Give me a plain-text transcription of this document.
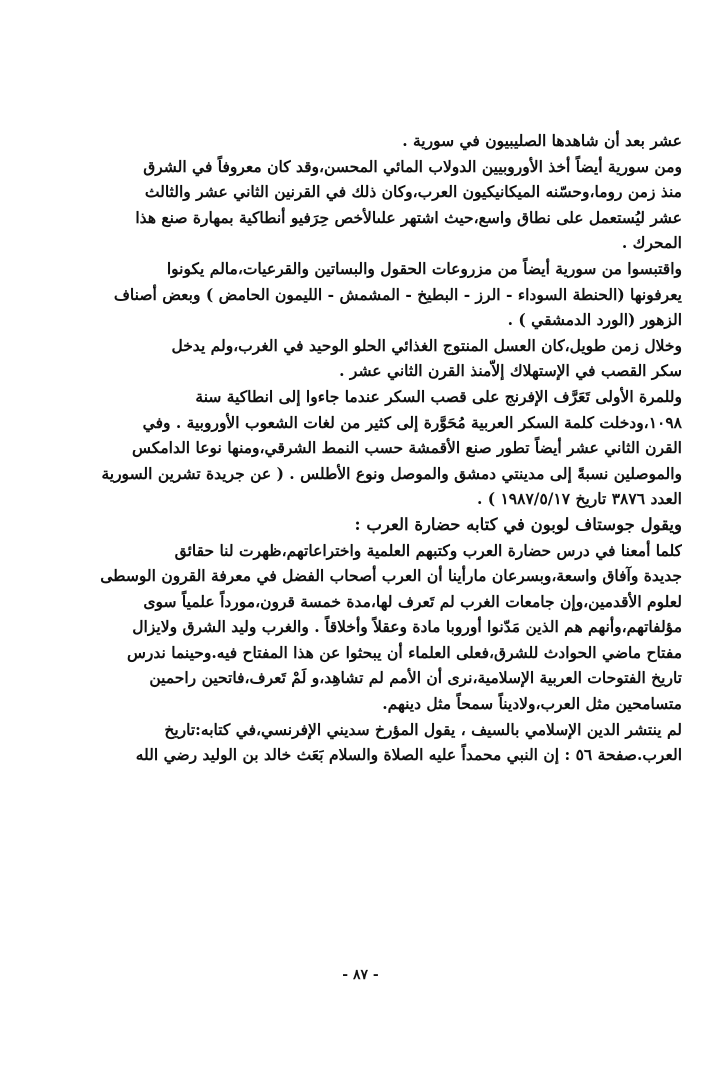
عشر بعد أن شاهدها الصليبيون في سورية .
ومن سورية أيضاً أخذ الأوروبيين الدولاب المائي المحسن،وقد كان معروفاً في الشرق
منذ زمن روما،وحسّنه الميكانيكيون العرب،وكان ذلك في القرنين الثاني عشر والثالث
عشر ليُستعمل على نطاق واسع،حيث اشتهر علىالأخص حِرَفيو أنطاكية بمهارة صنع هذا
المحرك .
واقتبسوا من سورية أيضاً من مزروعات الحقول والبساتين والقرعيات،مالم يكونوا
يعرفونها (الحنطة السوداء - الرز - البطيخ - المشمش - الليمون الحامض ) وبعض أصناف
الزهور (الورد الدمشقي ) .
وخلال زمن طويل،كان العسل المنتوج الغذائي الحلو الوحيد في الغرب،ولم يدخل
سكر القصب في الإستهلاك إلاّمنذ القرن الثاني عشر .
وللمرة الأولى تَعَرَّف الإفرنج على قصب السكر عندما جاءوا إلى انطاكية سنة
١٠٩٨،ودخلت كلمة السكر العربية مُحَوَّرة إلى كثير من لغات الشعوب الأوروبية . وفي
القرن الثاني عشر أيضاً تطور صنع الأقمشة حسب النمط الشرقي،ومنها نوعا الدامكس
والموصلين نسبةً إلى مدينتي دمشق والموصل ونوع الأطلس . ( عن جريدة تشرين السورية
العدد ٣٨٧٦ تاريخ ١٩٨٧/٥/١٧ ) .
ويقول جوستاف لوبون في كتابه حضارة العرب :
كلما أمعنا في درس حضارة العرب وكتبهم العلمية واختراعاتهم،ظهرت لنا حقائق
جديدة وآفاق واسعة،وبسرعان مارأينا أن العرب أصحاب الفضل في معرفة القرون الوسطى
لعلوم الأقدمين،وإن جامعات الغرب لم تَعرف لها،مدة خمسة قرون،مورداً علمياً سوى
مؤلفاتهم،وأنهم هم الذين مَدّنوا أوروبا مادة وعقلاً وأخلاقاً . والغرب وليد الشرق ولايزال
مفتاح ماضي الحوادث للشرق،فعلى العلماء أن يبحثوا عن هذا المفتاح فيه.وحينما ندرس
تاريخ الفتوحات العربية الإسلامية،نرى أن الأمم لم تشاهِد،و لَمْ تَعرف،فاتحين راحمين
متسامحين مثل العرب،ولاديناً سمحاً مثل دينهم.
لم ينتشر الدين الإسلامي بالسيف ، يقول المؤرخ سديني الإفرنسي،في كتابه:تاريخ
العرب.صفحة ٥٦ : إن النبي محمداً عليه الصلاة والسلام بَعَث خالد بن الوليد رضي الله
- ٨٧ -
